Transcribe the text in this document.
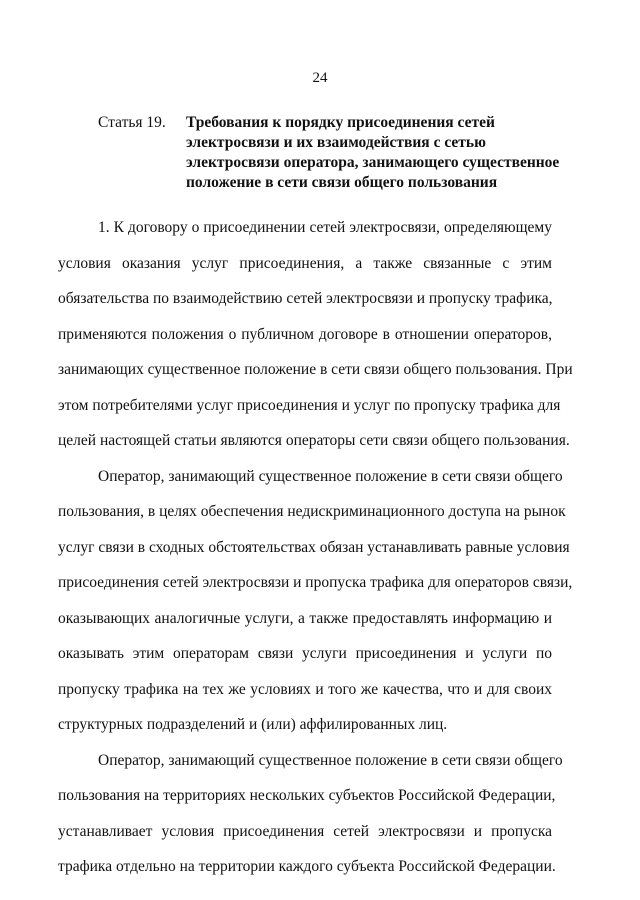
24
Статья 19.	Требования к порядку присоединения сетей
электросвязи и их взаимодействия с сетью
электросвязи оператора, занимающего существенное
положение в сети связи общего пользования
1. К договору о присоединении сетей электросвязи, определяющему
условия оказания услуг присоединения, а также связанные с этим
обязательства по взаимодействию сетей электросвязи и пропуску трафика,
применяются положения о публичном договоре в отношении операторов,
занимающих существенное положение в сети связи общего пользования. При
этом потребителями услуг присоединения и услуг по пропуску трафика для
целей настоящей статьи являются операторы сети связи общего пользования.
Оператор, занимающий существенное положение в сети связи общего
пользования, в целях обеспечения недискриминационного доступа на рынок
услуг связи в сходных обстоятельствах обязан устанавливать равные условия
присоединения сетей электросвязи и пропуска трафика для операторов связи,
оказывающих аналогичные услуги, а также предоставлять информацию и
оказывать этим операторам связи услуги присоединения и услуги по
пропуску трафика на тех же условиях и того же качества, что и для своих
структурных подразделений и (или) аффилированных лиц.
Оператор, занимающий существенное положение в сети связи общего
пользования на территориях нескольких субъектов Российской Федерации,
устанавливает условия присоединения сетей электросвязи и пропуска
трафика отдельно на территории каждого субъекта Российской Федерации.
